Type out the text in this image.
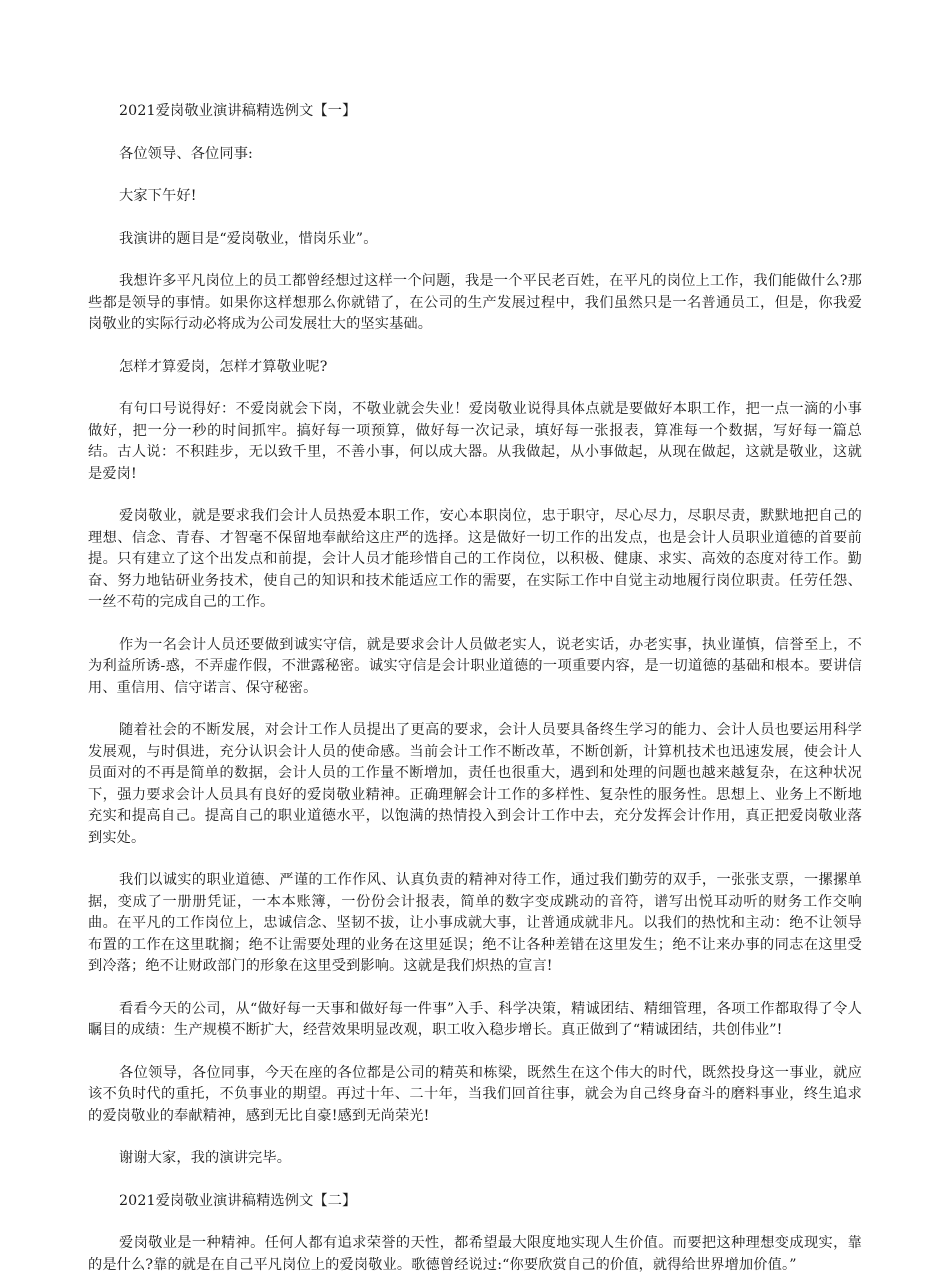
2021爱岗敬业演讲稿精选例文【一】

各位领导、各位同事:

大家下午好!

我演讲的题目是“爱岗敬业，惜岗乐业”。

我想许多平凡岗位上的员工都曾经想过这样一个问题，我是一个平民老百姓，在平凡的岗位上工作，我们能做什么?那些都是领导的事情。如果你这样想那么你就错了，在公司的生产发展过程中，我们虽然只是一名普通员工，但是，你我爱岗敬业的实际行动必将成为公司发展壮大的坚实基础。

怎样才算爱岗，怎样才算敬业呢?

有句口号说得好：不爱岗就会下岗，不敬业就会失业！爱岗敬业说得具体点就是要做好本职工作，把一点一滴的小事做好，把一分一秒的时间抓牢。搞好每一项预算，做好每一次记录，填好每一张报表，算准每一个数据，写好每一篇总结。古人说：不积跬步，无以致千里，不善小事，何以成大器。从我做起，从小事做起，从现在做起，这就是敬业，这就是爱岗!

爱岗敬业，就是要求我们会计人员热爱本职工作，安心本职岗位，忠于职守，尽心尽力，尽职尽责，默默地把自己的理想、信念、青春、才智毫不保留地奉献给这庄严的选择。这是做好一切工作的出发点，也是会计人员职业道德的首要前提。只有建立了这个出发点和前提，会计人员才能珍惜自己的工作岗位，以积极、健康、求实、高效的态度对待工作。勤奋、努力地钻研业务技术，使自己的知识和技术能适应工作的需要，在实际工作中自觉主动地履行岗位职责。任劳任怨、一丝不苟的完成自己的工作。

作为一名会计人员还要做到诚实守信，就是要求会计人员做老实人，说老实话，办老实事，执业谨慎，信誉至上，不为利益所诱-惑，不弄虚作假，不泄露秘密。诚实守信是会计职业道德的一项重要内容，是一切道德的基础和根本。要讲信用、重信用、信守诺言、保守秘密。

随着社会的不断发展，对会计工作人员提出了更高的要求，会计人员要具备终生学习的能力、会计人员也要运用科学发展观，与时俱进，充分认识会计人员的使命感。当前会计工作不断改革，不断创新，计算机技术也迅速发展，使会计人员面对的不再是简单的数据，会计人员的工作量不断增加，责任也很重大，遇到和处理的问题也越来越复杂，在这种状况下，强力要求会计人员具有良好的爱岗敬业精神。正确理解会计工作的多样性、复杂性的服务性。思想上、业务上不断地充实和提高自己。提高自己的职业道德水平，以饱满的热情投入到会计工作中去，充分发挥会计作用，真正把爱岗敬业落到实处。

我们以诚实的职业道德、严谨的工作作风、认真负责的精神对待工作，通过我们勤劳的双手，一张张支票，一摞摞单据，变成了一册册凭证，一本本账簿，一份份会计报表，简单的数字变成跳动的音符，谱写出悦耳动听的财务工作交响曲。在平凡的工作岗位上，忠诚信念、坚韧不拔，让小事成就大事，让普通成就非凡。以我们的热忱和主动：绝不让领导布置的工作在这里耽搁；绝不让需要处理的业务在这里延误；绝不让各种差错在这里发生；绝不让来办事的同志在这里受到冷落；绝不让财政部门的形象在这里受到影响。这就是我们炽热的宣言!

看看今天的公司，从“做好每一天事和做好每一件事”入手、科学决策，精诚团结、精细管理，各项工作都取得了令人瞩目的成绩：生产规模不断扩大，经营效果明显改观，职工收入稳步增长。真正做到了“精诚团结，共创伟业”!

各位领导，各位同事，今天在座的各位都是公司的精英和栋梁，既然生在这个伟大的时代，既然投身这一事业，就应该不负时代的重托，不负事业的期望。再过十年、二十年，当我们回首往事，就会为自己终身奋斗的磨料事业，终生追求的爱岗敬业的奉献精神，感到无比自豪!感到无尚荣光!

谢谢大家，我的演讲完毕。

2021爱岗敬业演讲稿精选例文【二】

爱岗敬业是一种精神。任何人都有追求荣誉的天性，都希望最大限度地实现人生价值。而要把这种理想变成现实，靠的是什么?靠的就是在自己平凡岗位上的爱岗敬业。歌德曾经说过:“你要欣赏自己的价值，就得给世界增加价值。”
